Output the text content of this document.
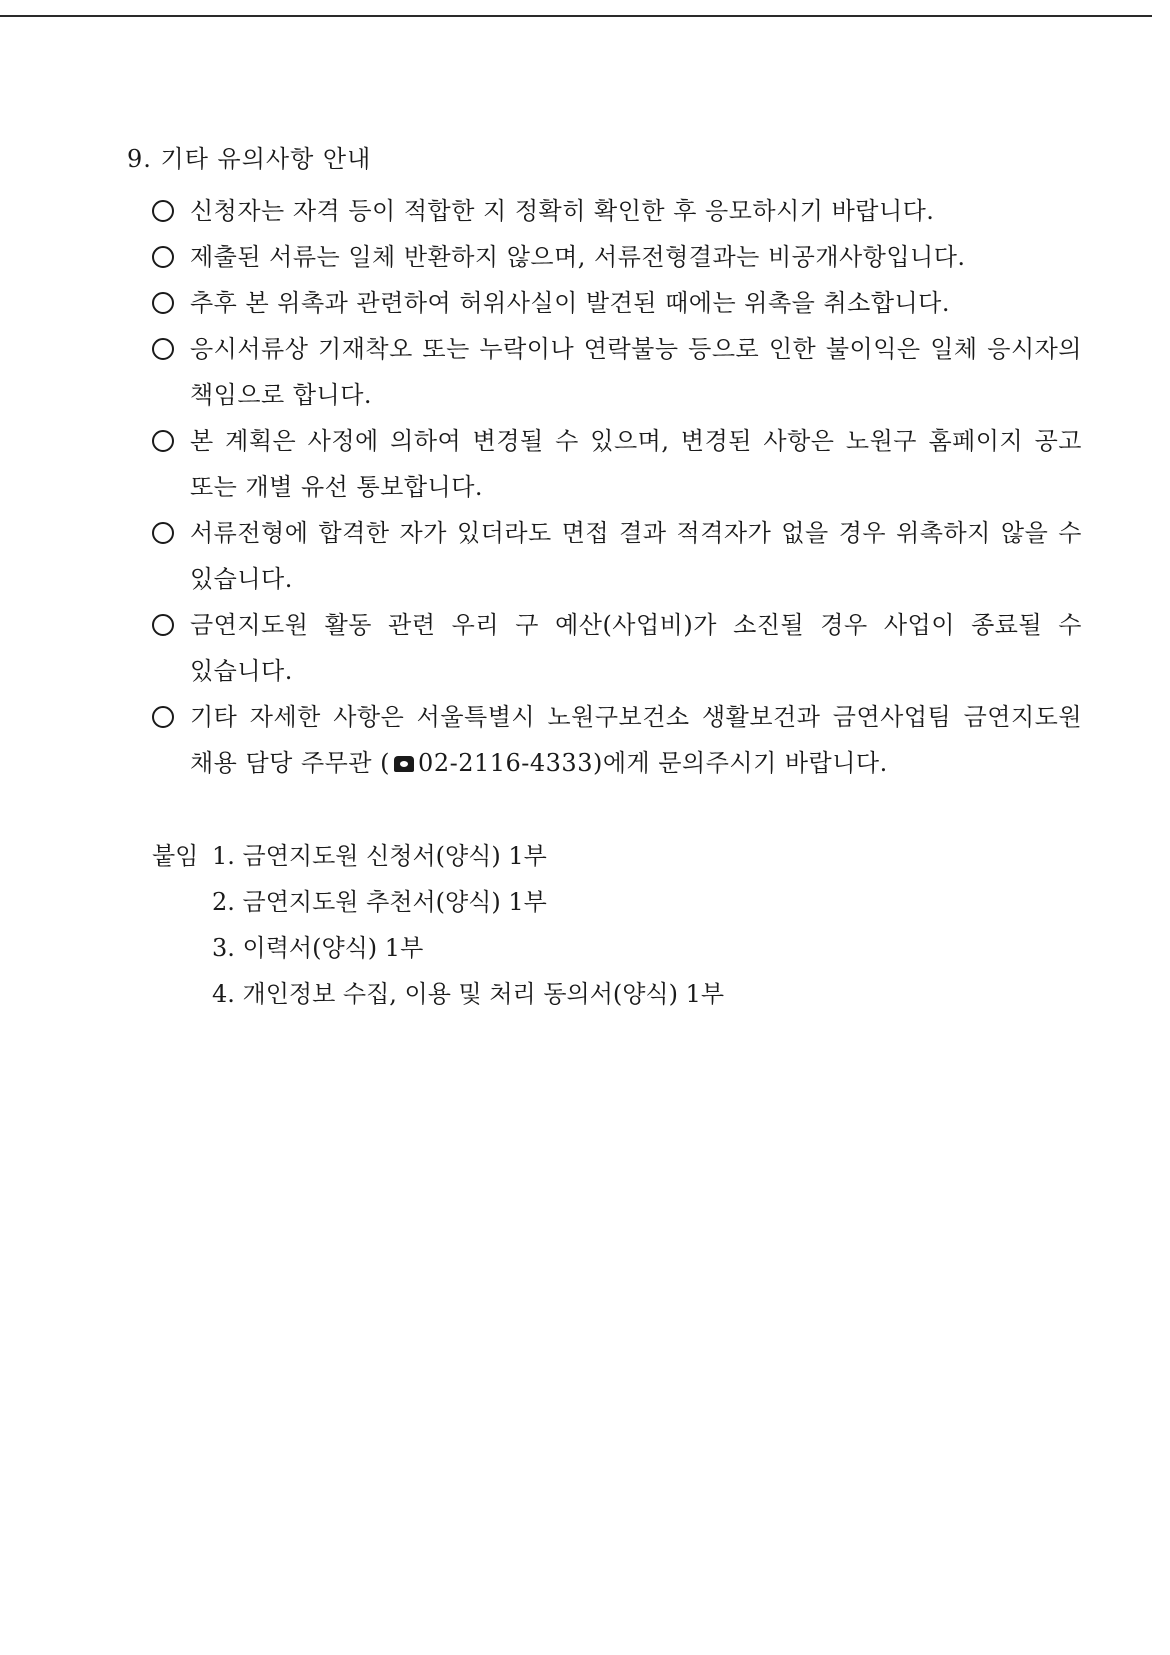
9. 기타 유의사항 안내
신청자는 자격 등이 적합한 지 정확히 확인한 후 응모하시기 바랍니다.
제출된 서류는 일체 반환하지 않으며, 서류전형결과는 비공개사항입니다.
추후 본 위촉과 관련하여 허위사실이 발견된 때에는 위촉을 취소합니다.
응시서류상 기재착오 또는 누락이나 연락불능 등으로 인한 불이익은 일체 응시자의 책임으로 합니다.
본 계획은 사정에 의하여 변경될 수 있으며, 변경된 사항은 노원구 홈페이지 공고 또는 개별 유선 통보합니다.
서류전형에 합격한 자가 있더라도 면접 결과 적격자가 없을 경우 위촉하지 않을 수 있습니다.
금연지도원 활동 관련 우리 구 예산(사업비)가 소진될 경우 사업이 종료될 수 있습니다.
기타 자세한 사항은 서울특별시 노원구보건소 생활보건과 금연사업팀 금연지도원 채용 담당 주무관 ( 02-2116-4333)에게 문의주시기 바랍니다.
붙임 1. 금연지도원 신청서(양식) 1부
2. 금연지도원 추천서(양식) 1부
3. 이력서(양식) 1부
4. 개인정보 수집, 이용 및 처리 동의서(양식) 1부
